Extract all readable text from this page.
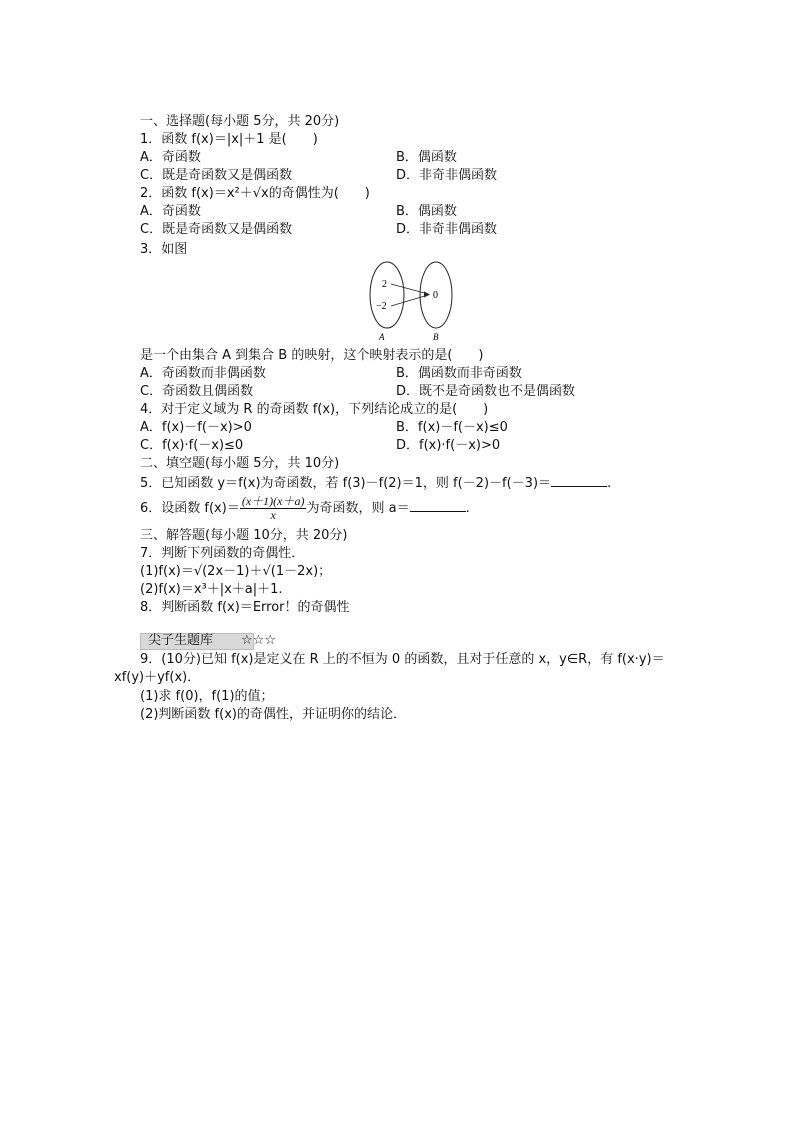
一、选择题(每小题 5分，共 20分)
1．函数 f(x)＝|x|＋1 是(　　)
A．奇函数	B．偶函数
C．既是奇函数又是偶函数	D．非奇非偶函数
2．函数 f(x)＝x²＋√x的奇偶性为(　　)
A．奇函数	B．偶函数
C．既是奇函数又是偶函数	D．非奇非偶函数
3．如图
2
−2
0
A	B
是一个由集合 A 到集合 B 的映射，这个映射表示的是(　　)
A．奇函数而非偶函数	B．偶函数而非奇函数
C．奇函数且偶函数	D．既不是奇函数也不是偶函数
4．对于定义域为 R 的奇函数 f(x)，下列结论成立的是(　　)
A．f(x)－f(－x)>0	B．f(x)－f(－x)≤0
C．f(x)·f(－x)≤0	D．f(x)·f(－x)>0
二、填空题(每小题 5分，共 10分)
5．已知函数 y＝f(x)为奇函数，若 f(3)－f(2)＝1，则 f(－2)－f(－3)＝	.
6．设函数 $f(x)= \frac{(x+1)(x+a)}{x}$ 为奇函数，则 a＝	.
三、解答题(每小题 10分，共 20分)
7．判断下列函数的奇偶性．
(1)f(x)＝√(2x－1)＋√(1－2x)；
(2)f(x)＝x³＋|x＋a|＋1.
8．判断函数 f(x)＝Error！的奇偶性
尖子生题库 ☆☆☆
9．(10分)已知 f(x)是定义在 R 上的不恒为 0 的函数，且对于任意的 x，y∈R，有 f(x·y)＝
xf(y)＋yf(x)．
(1)求 f(0)，f(1)的值；
(2)判断函数 f(x)的奇偶性，并证明你的结论．
